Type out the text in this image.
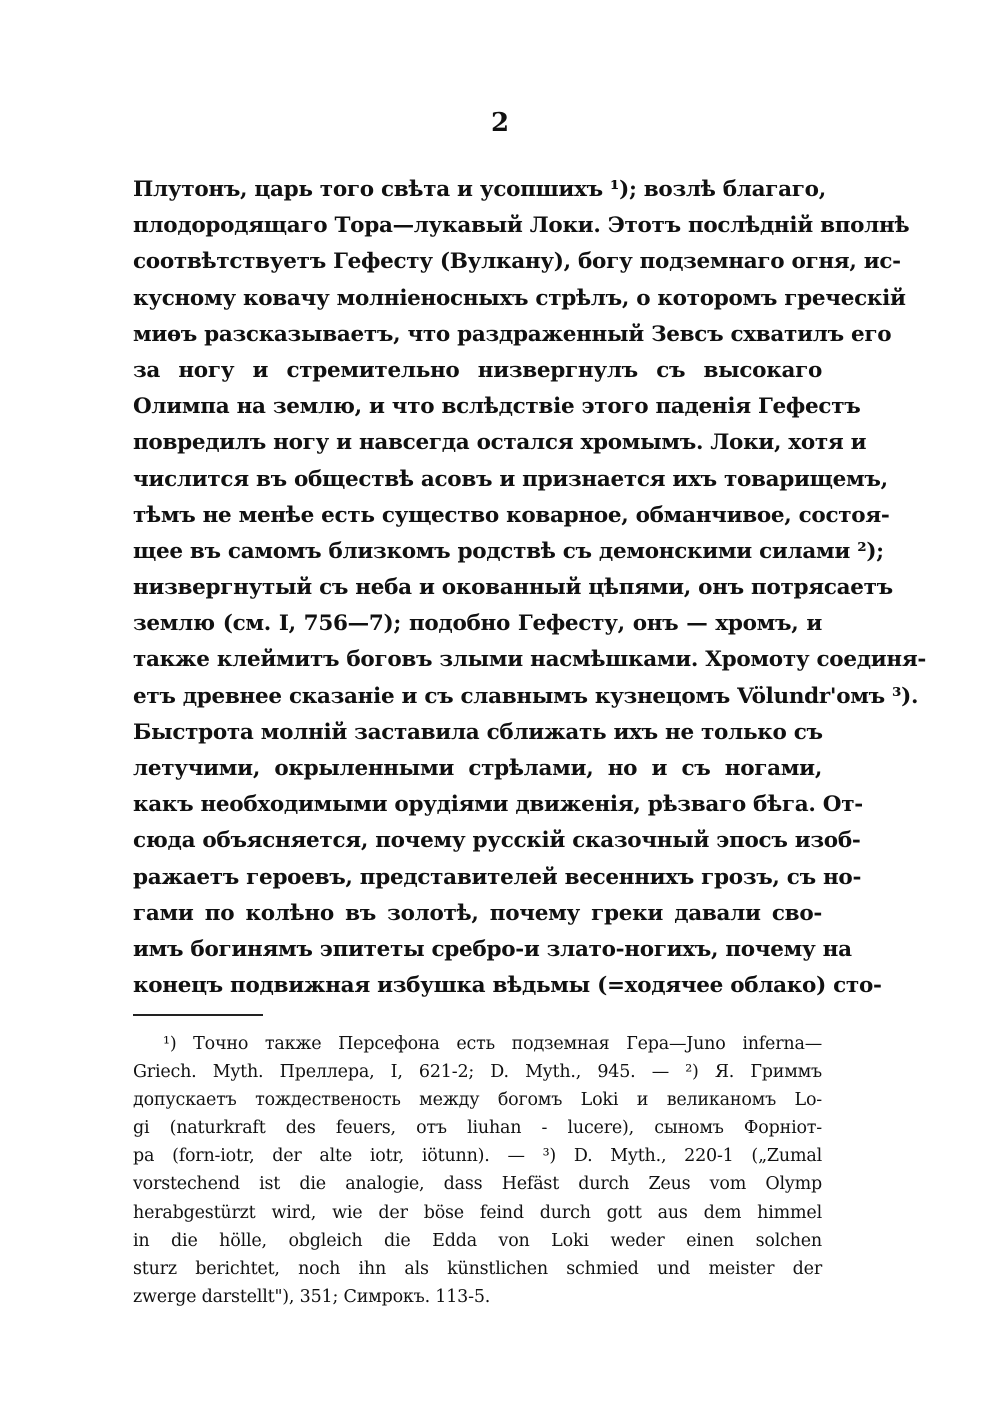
2
Плутонъ, царь того свѣта и усопшихъ ¹); возлѣ благаго,
плодородящаго Тора—лукавый Локи. Этотъ послѣдній вполнѣ
соотвѣтствуетъ Гефесту (Вулкану), богу подземнаго огня, ис-
кусному ковачу молніеносныхъ стрѣлъ, о которомъ греческій
миѳъ разсказываетъ, что раздраженный Зевсъ схватилъ его
за ногу и стремительно низвергнулъ съ высокаго
Олимпа на землю, и что вслѣдствіе этого паденія Гефестъ
повредилъ ногу и навсегда остался хромымъ. Локи, хотя и
числится въ обществѣ асовъ и признается ихъ товарищемъ,
тѣмъ не менѣе есть существо коварное, обманчивое, состоя-
щее въ самомъ близкомъ родствѣ съ демонскими силами ²);
низвергнутый съ неба и окованный цѣпями, онъ потрясаетъ
землю (см. I, 756—7); подобно Гефесту, онъ — хромъ, и
также клеймитъ боговъ злыми насмѣшками. Хромоту соединя-
етъ древнее сказаніе и съ славнымъ кузнецомъ Völundr'омъ ³).
Быстрота молній заставила сближать ихъ не только съ
летучими, окрыленными стрѣлами, но и съ ногами,
какъ необходимыми орудіями движенія, рѣзваго бѣга. От-
сюда объясняется, почему русскій сказочный эпосъ изоб-
ражаетъ героевъ, представителей весеннихъ грозъ, съ но-
гами по колѣно въ золотѣ, почему греки давали сво-
имъ богинямъ эпитеты сребро-и злато-ногихъ, почему на
конецъ подвижная избушка вѣдьмы (=ходячее облако) сто-
¹) Точно также Персефона есть подземная Гера—Juno inferna—
Griech. Myth. Преллера, I, 621-2; D. Myth., 945. — ²) Я. Гриммъ
допускаетъ тождественость между богомъ Loki и великаномъ Lo-
gi (naturkraft des feuers, отъ liuhan - lucere), сыномъ Форніот-
pa (forn-iotr, der alte iotr, iötunn). — ³) D. Myth., 220-1 („Zumal
vorstechend ist die analogie, dass Hefäst durch Zeus vom Olymp
herabgestürzt wird, wie der böse feind durch gott aus dem himmel
in die hölle, obgleich die Edda von Loki weder einen solchen
sturz berichtet, noch ihn als künstlichen schmied und meister der
zwerge darstellt"), 351; Симрокъ. 113-5.
